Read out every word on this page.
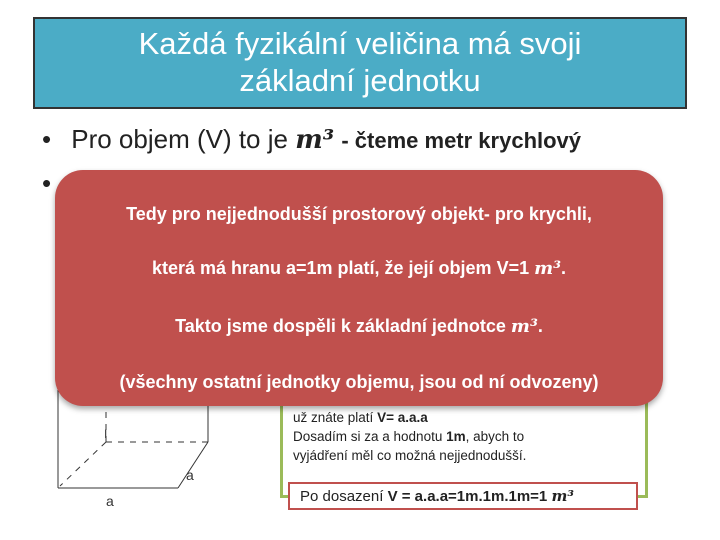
Každá fyzikální veličina má svoji
základní jednotku
• Pro objem (V) to je m³ - čteme metr krychlový
•
a
a
I
už znáte platí V= a.a.a
Dosadím si za a hodnotu 1m, abych to
vyjádření měl co možná nejjednodušší.
Po dosazení V = a.a.a=1m.1m.1m=1 m³
Tedy pro nejjednodušší prostorový objekt- pro krychli,
která má hranu a=1m platí, že její objem V=1 m³.
Takto jsme dospěli k základní jednotce m³.
(všechny ostatní jednotky objemu, jsou od ní odvozeny)
